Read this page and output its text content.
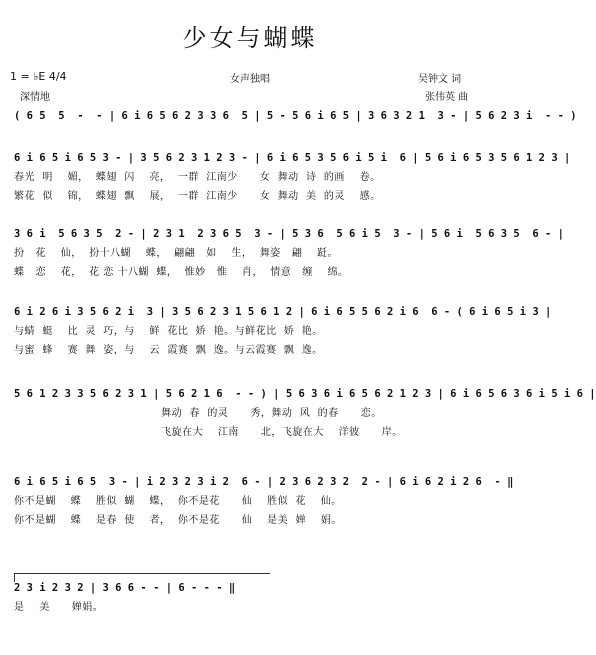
少女与蝴蝶
1 = ♭E 4/4
深情地
女声独唱	吴钟文 词
张伟英 曲
( 6 5  5  -  - | 6 i 6 5 6 2 3 3 6  5 | 5 - 5 6 i 6 5 | 3 6 3 2 1  3 - | 5 6 2 3 i  - - )
6 i 6 5 i 6 5 3 - | 3 5 6 2 3 1 2 3 - | 6 i 6 5 3 5 6 i 5 i  6 | 5 6 i 6 5 3 5 6 1 2 3 |
春光  明    媚，  蝶翅  闪    亮，  一群  江南少      女  舞动  诗  的画    卷。
繁花  似    锦，  蝶翅  飘    展，  一群  江南少      女  舞动  美  的灵    感。
3 6 i  5 6 3 5  2 - | 2 3 1  2 3 6 5  3 - | 5 3 6  5 6 i 5  3 - | 5 6 i  5 6 3 5  6 - |
扮   花    仙，  扮十八蝴    蝶，  翩翩   如    生，  舞姿   翩    跹。
蝶   恋    花，  花 恋 十八蝴  蝶，  惟妙   惟    肖，  情意   缠    绵。
6 i 2 6 i 3 5 6 2 i  3 | 3 5 6 2 3 1 5 6 1 2 | 6 i 6 5 5 6 2 i 6  6 - ( 6 i 6 5 i 3 |
与蜻  蜓    比  灵  巧，与    鲜  花比  娇  艳。与鲜花比  娇  艳。
与蜜  蜂    赛  舞  姿，与    云  霞赛  飘  逸。与云霞赛  飘  逸。
5 6 1 2 3 3 5 6 2 3 1 | 5 6 2 1 6  - - ) | 5 6 3 6 i 6 5 6 2 1 2 3 | 6 i 6 5 6 3 6 i 5 i 6 |
舞动  春  的灵      秀，舞动  风  的春      恋。
飞旋在大    江南      北，飞旋在大    洋彼      岸。
6 i 6 5 i 6 5  3 - | i 2 3 2 3 i 2  6 - | 2 3 6 2 3 2  2 - | 6 i 6 2 i 2 6  - ‖
你不是蝴    蝶    胜似  蝴    蝶，  你不是花      仙    胜似  花    仙。
你不是蝴    蝶    是春  使    者，  你不是花      仙    是美  婵    娟。
2 3 i 2 3 2 | 3 6 6 - - | 6 - - - ‖
是    美      婵娟。
